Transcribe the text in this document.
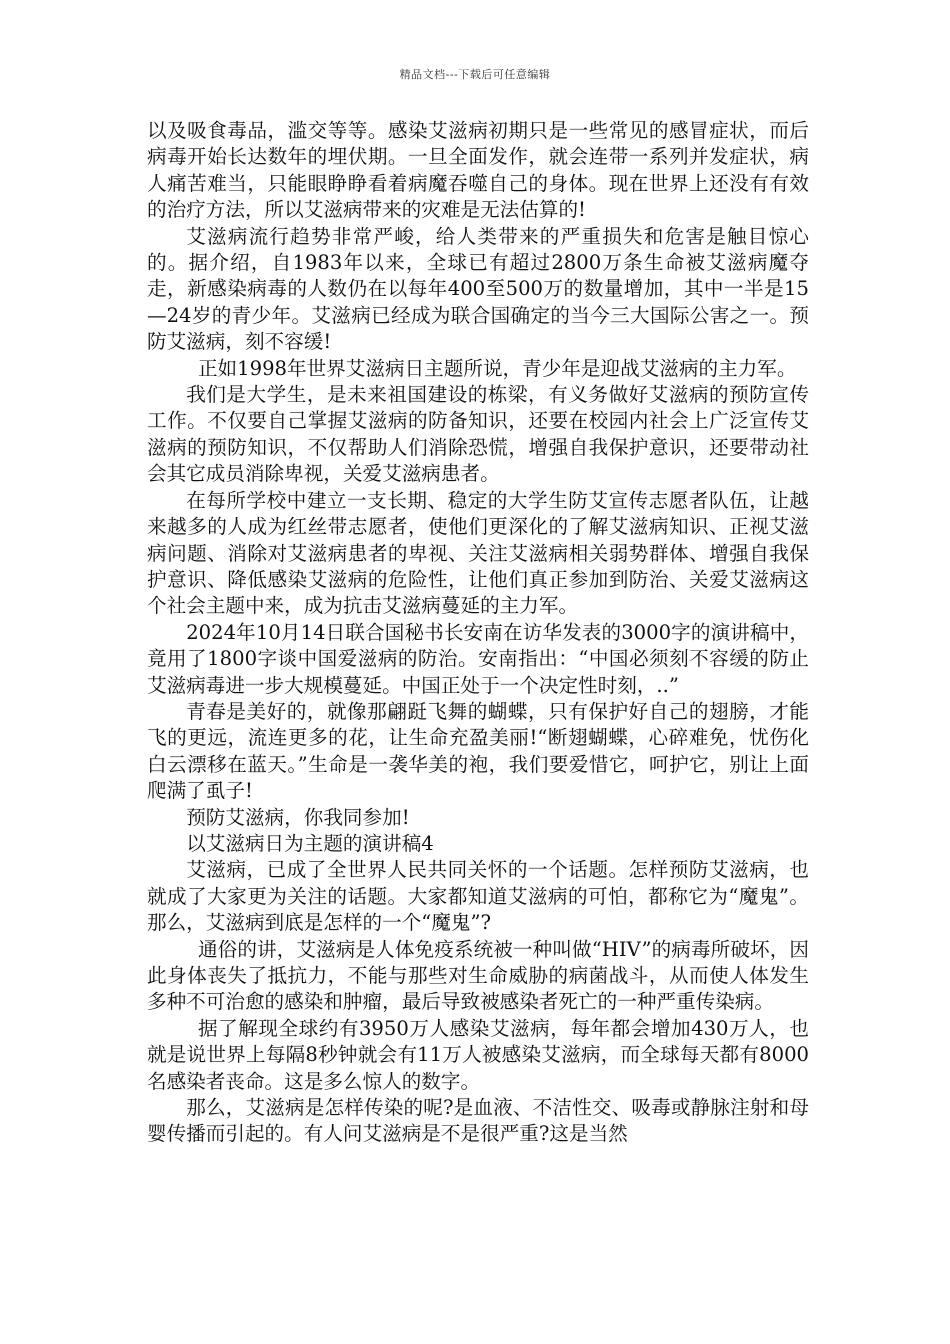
精品文档---下载后可任意编辑

以及吸食毒品，滥交等等。感染艾滋病初期只是一些常见的感冒症状，而后病毒开始长达数年的埋伏期。一旦全面发作，就会连带一系列并发症状，病人痛苦难当，只能眼睁睁看着病魔吞噬自己的身体。现在世界上还没有有效的治疗方法，所以艾滋病带来的灾难是无法估算的!

艾滋病流行趋势非常严峻，给人类带来的严重损失和危害是触目惊心的。据介绍，自1983年以来，全球已有超过2800万条生命被艾滋病魔夺走，新感染病毒的人数仍在以每年400至500万的数量增加，其中一半是15—24岁的青少年。艾滋病已经成为联合国确定的当今三大国际公害之一。预防艾滋病，刻不容缓!

正如1998年世界艾滋病日主题所说，青少年是迎战艾滋病的主力军。

我们是大学生，是未来祖国建设的栋梁，有义务做好艾滋病的预防宣传工作。不仅要自己掌握艾滋病的防备知识，还要在校园内社会上广泛宣传艾滋病的预防知识，不仅帮助人们消除恐慌，增强自我保护意识，还要带动社会其它成员消除卑视，关爱艾滋病患者。

在每所学校中建立一支长期、稳定的大学生防艾宣传志愿者队伍，让越来越多的人成为红丝带志愿者，使他们更深化的了解艾滋病知识、正视艾滋病问题、消除对艾滋病患者的卑视、关注艾滋病相关弱势群体、增强自我保护意识、降低感染艾滋病的危险性，让他们真正参加到防治、关爱艾滋病这个社会主题中来，成为抗击艾滋病蔓延的主力军。

2024年10月14日联合国秘书长安南在访华发表的3000字的演讲稿中，竟用了1800字谈中国爱滋病的防治。安南指出：“中国必须刻不容缓的防止艾滋病毒进一步大规模蔓延。中国正处于一个决定性时刻，..”

青春是美好的，就像那翩跹飞舞的蝴蝶，只有保护好自己的翅膀，才能飞的更远，流连更多的花，让生命充盈美丽!“断翅蝴蝶，心碎难免，忧伤化白云漂移在蓝天。”生命是一袭华美的袍，我们要爱惜它，呵护它，别让上面爬满了虱子!

预防艾滋病，你我同参加!

以艾滋病日为主题的演讲稿4

艾滋病，已成了全世界人民共同关怀的一个话题。怎样预防艾滋病，也就成了大家更为关注的话题。大家都知道艾滋病的可怕，都称它为“魔鬼”。那么，艾滋病到底是怎样的一个“魔鬼”?

通俗的讲，艾滋病是人体免疫系统被一种叫做“HIV”的病毒所破坏，因此身体丧失了抵抗力，不能与那些对生命威胁的病菌战斗，从而使人体发生多种不可治愈的感染和肿瘤，最后导致被感染者死亡的一种严重传染病。

据了解现全球约有3950万人感染艾滋病，每年都会增加430万人，也就是说世界上每隔8秒钟就会有11万人被感染艾滋病，而全球每天都有8000名感染者丧命。这是多么惊人的数字。

那么，艾滋病是怎样传染的呢?是血液、不洁性交、吸毒或静脉注射和母婴传播而引起的。有人问艾滋病是不是很严重?这是当然
